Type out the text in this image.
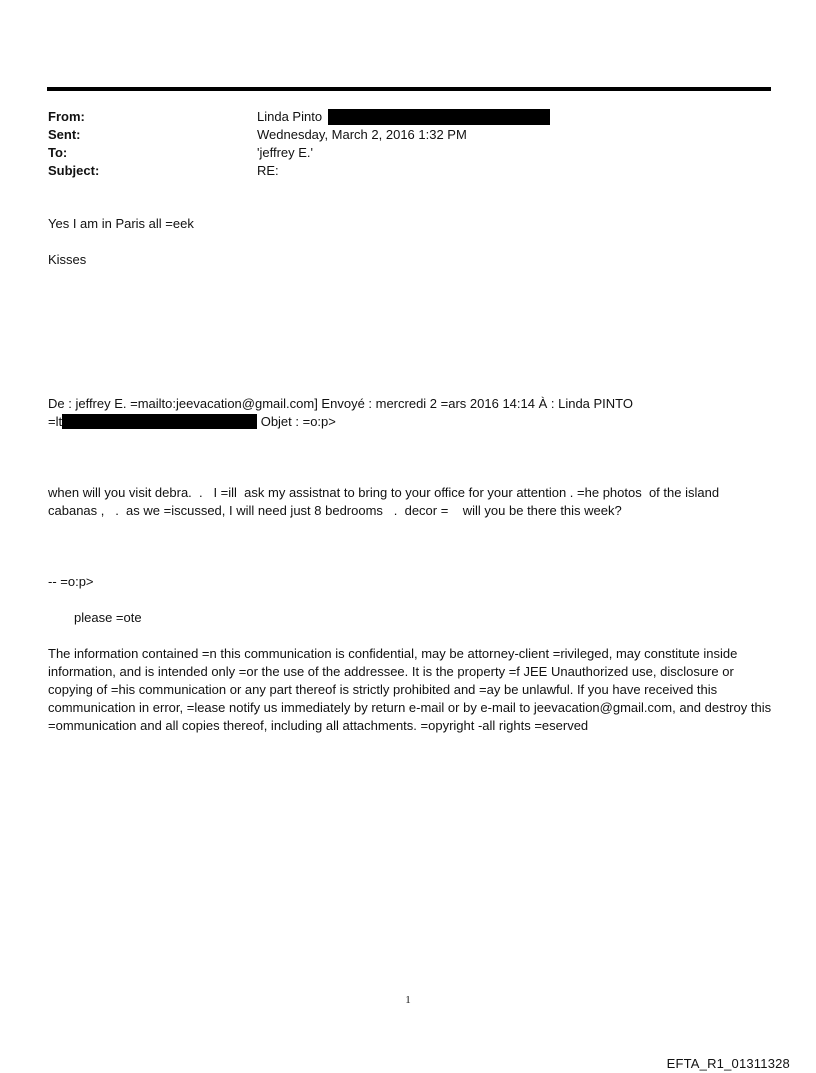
From:	Linda Pinto
Sent:	Wednesday, March 2, 2016 1:32 PM
To:	'jeffrey E.'
Subject:	RE:

Yes I am in Paris all =eek

Kisses

De : jeffrey E. =mailto:jeevacation@gmail.com] Envoyé : mercredi 2 =ars 2016 14:14 À : Linda PINTO

=lt	Objet : =o:p>

when will you visit debra.  .   I =ill  ask my assistnat to bring to your office for your attention . =he photos  of the island

cabanas ,   .  as we =iscussed, I will need just 8 bedrooms   .  decor =    will you be there this week?

-- =o:p>

please =ote

The information contained =n this communication is confidential, may be attorney-client =rivileged, may constitute inside information, and is intended only =or the use of the addressee. It is the property =f JEE Unauthorized use, disclosure or copying of =his communication or any part thereof is strictly prohibited and =ay be unlawful. If you have received this communication in error, =lease notify us immediately by return e-mail or by e-mail to jeevacation@gmail.com, and destroy this =ommunication and all copies thereof, including all attachments. =opyright -all rights =eserved

1
EFTA_R1_01311328
